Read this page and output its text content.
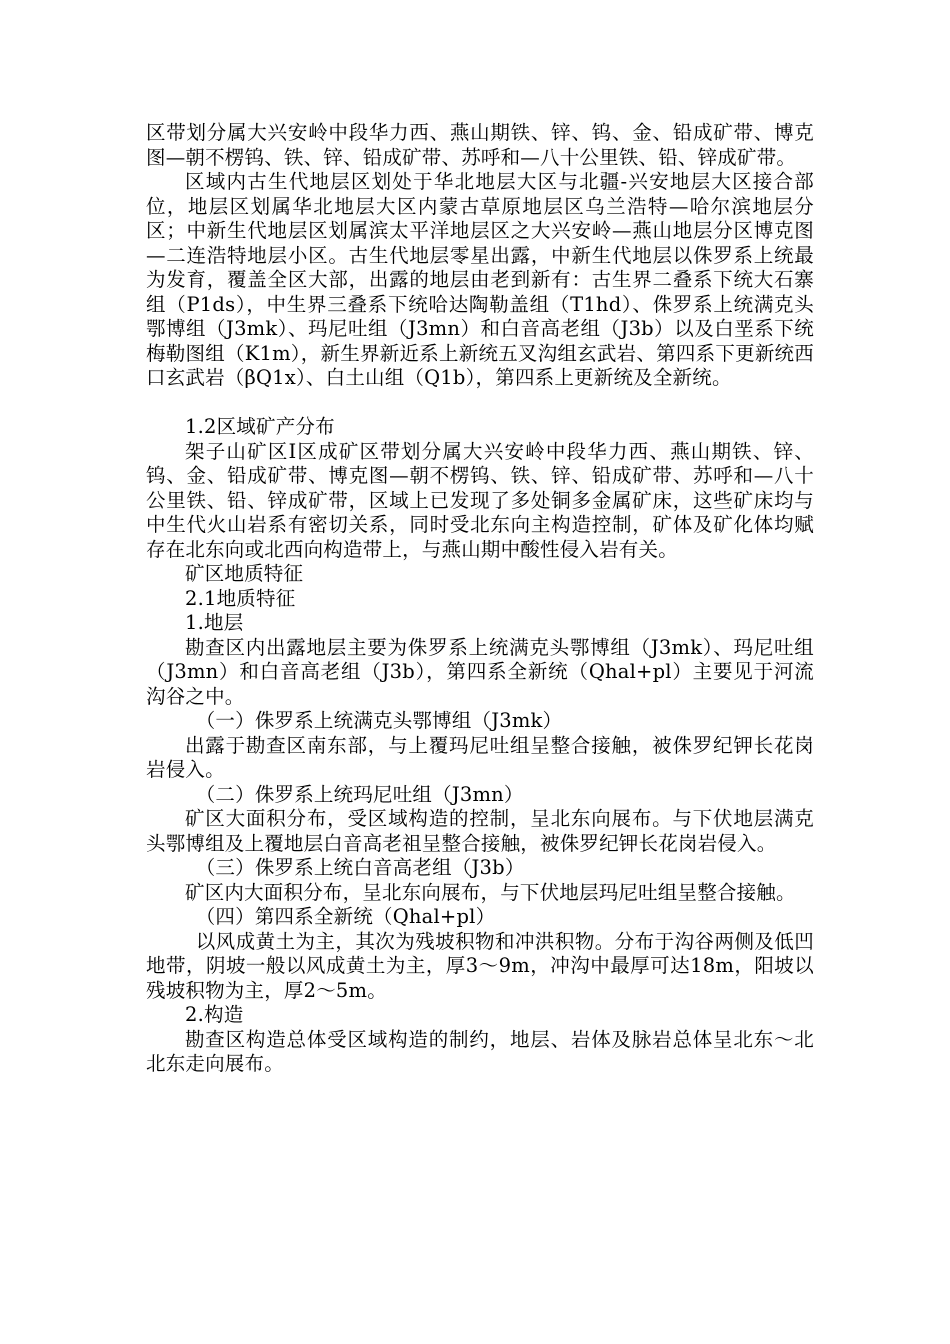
区带划分属大兴安岭中段华力西、燕山期铁、锌、钨、金、铅成矿带、博克图—朝不楞钨、铁、锌、铅成矿带、苏呼和—八十公里铁、铅、锌成矿带。

区域内古生代地层区划处于华北地层大区与北疆-兴安地层大区接合部位，地层区划属华北地层大区内蒙古草原地层区乌兰浩特—哈尔滨地层分区；中新生代地层区划属滨太平洋地层区之大兴安岭—燕山地层分区博克图—二连浩特地层小区。古生代地层零星出露，中新生代地层以侏罗系上统最为发育，覆盖全区大部，出露的地层由老到新有：古生界二叠系下统大石寨组（P1ds），中生界三叠系下统哈达陶勒盖组（T1hd）、侏罗系上统满克头鄂博组（J3mk）、玛尼吐组（J3mn）和白音高老组（J3b）以及白垩系下统梅勒图组（K1m），新生界新近系上新统五叉沟组玄武岩、第四系下更新统西口玄武岩（βQ1x）、白土山组（Q1b），第四系上更新统及全新统。

1.2区域矿产分布

架子山矿区Ⅰ区成矿区带划分属大兴安岭中段华力西、燕山期铁、锌、钨、金、铅成矿带、博克图—朝不楞钨、铁、锌、铅成矿带、苏呼和—八十公里铁、铅、锌成矿带，区域上已发现了多处铜多金属矿床，这些矿床均与中生代火山岩系有密切关系，同时受北东向主构造控制，矿体及矿化体均赋存在北东向或北西向构造带上，与燕山期中酸性侵入岩有关。

矿区地质特征

2.1地质特征

1.地层

勘查区内出露地层主要为侏罗系上统满克头鄂博组（J3mk）、玛尼吐组（J3mn）和白音高老组（J3b），第四系全新统（Qhal+pl）主要见于河流沟谷之中。

（一）侏罗系上统满克头鄂博组（J3mk）

出露于勘查区南东部，与上覆玛尼吐组呈整合接触，被侏罗纪钾长花岗岩侵入。

（二）侏罗系上统玛尼吐组（J3mn）

矿区大面积分布，受区域构造的控制，呈北东向展布。与下伏地层满克头鄂博组及上覆地层白音高老祖呈整合接触，被侏罗纪钾长花岗岩侵入。

（三）侏罗系上统白音高老组（J3b）

矿区内大面积分布，呈北东向展布，与下伏地层玛尼吐组呈整合接触。

（四）第四系全新统（Qhal+pl）

以风成黄土为主，其次为残坡积物和冲洪积物。分布于沟谷两侧及低凹地带，阴坡一般以风成黄土为主，厚3～9m，冲沟中最厚可达18m，阳坡以残坡积物为主，厚2～5m。

2.构造

勘查区构造总体受区域构造的制约，地层、岩体及脉岩总体呈北东～北北东走向展布。
